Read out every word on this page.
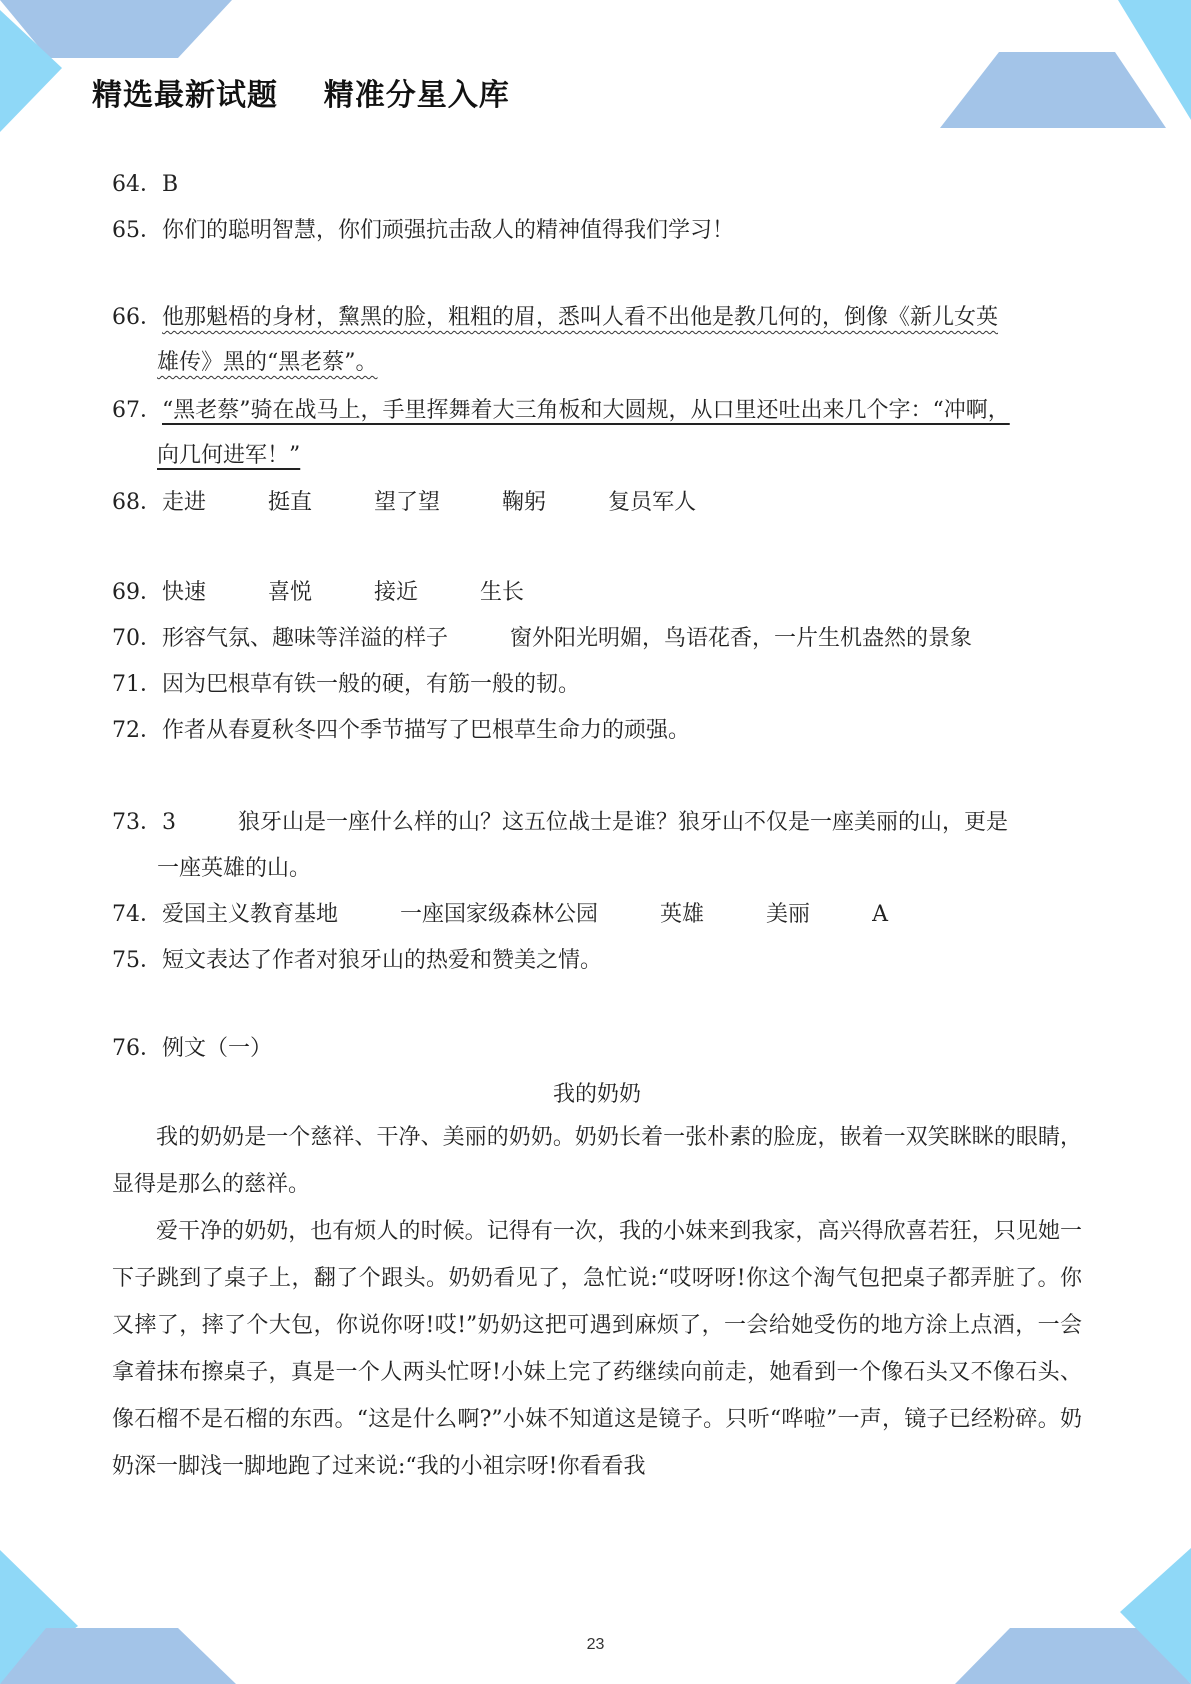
精选最新试题    精准分星入库
64．B
65．你们的聪明智慧，你们顽强抗击敌人的精神值得我们学习！
66．他那魁梧的身材，黧黑的脸，粗粗的眉，悉叫人看不出他是教几何的，倒像《新儿女英
雄传》黑的“黑老蔡”。
67．“黑老蔡”骑在战马上，手里挥舞着大三角板和大圆规，从口里还吐出来几个字：“冲啊，
向几何进军！”
68．走进	挺直	望了望	鞠躬	复员军人
69．快速	喜悦	接近	生长
70．形容气氛、趣味等洋溢的样子	窗外阳光明媚，鸟语花香，一片生机盎然的景象
71．因为巴根草有铁一般的硬，有筋一般的韧。
72．作者从春夏秋冬四个季节描写了巴根草生命力的顽强。
73．3	狼牙山是一座什么样的山？这五位战士是谁？狼牙山不仅是一座美丽的山，更是
一座英雄的山。
74．爱国主义教育基地	一座国家级森林公园	英雄	美丽	A
75．短文表达了作者对狼牙山的热爱和赞美之情。
76．例文（一）
我的奶奶
我的奶奶是一个慈祥、干净、美丽的奶奶。奶奶长着一张朴素的脸庞，嵌着一双笑眯眯的眼睛，显得是那么的慈祥。
爱干净的奶奶，也有烦人的时候。记得有一次，我的小妹来到我家，高兴得欣喜若狂，只见她一下子跳到了桌子上，翻了个跟头。奶奶看见了，急忙说:“哎呀呀!你这个淘气包把桌子都弄脏了。你又摔了，摔了个大包，你说你呀!哎!”奶奶这把可遇到麻烦了，一会给她受伤的地方涂上点酒，一会拿着抹布擦桌子，真是一个人两头忙呀!小妹上完了药继续向前走，她看到一个像石头又不像石头、像石榴不是石榴的东西。“这是什么啊?”小妹不知道这是镜子。只听“哗啦”一声，镜子已经粉碎。奶奶深一脚浅一脚地跑了过来说:“我的小祖宗呀!你看看我
23
